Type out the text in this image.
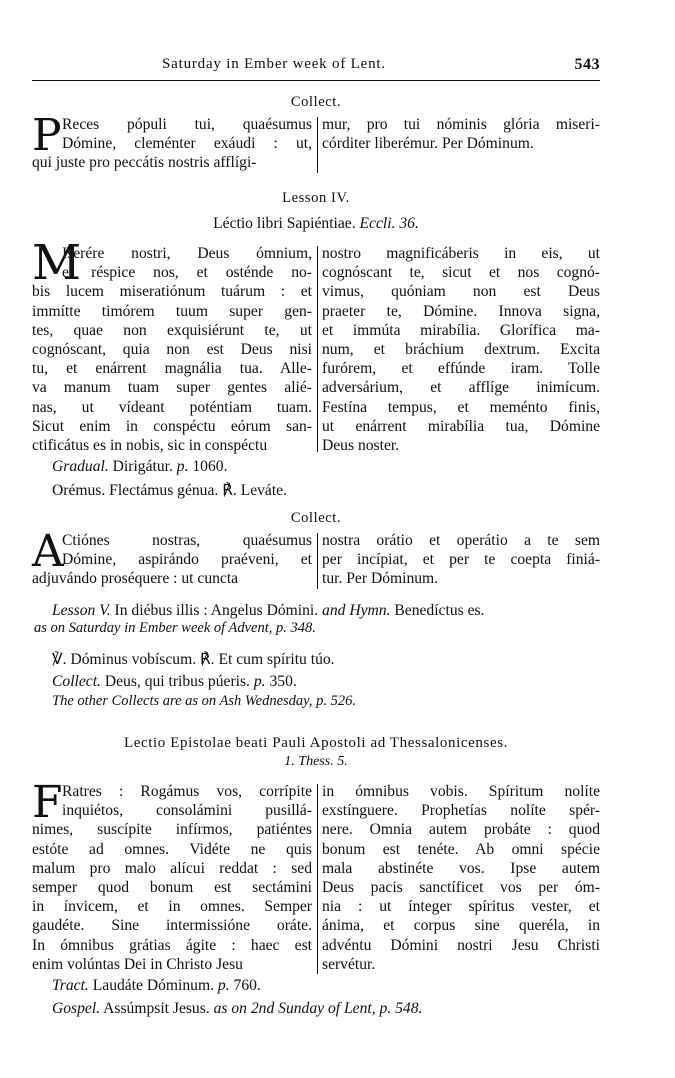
Saturday in Ember week of Lent.	543
Collect.
P Reces pópuli tui, quaésumus
Dómine, cleménter exáudi : ut,
qui juste pro peccátis nostris afflígi-
mur, pro tui nóminis glória miseri-
córditer liberémur. Per Dóminum.
Lesson IV.
Léctio libri Sapiéntiae. Eccli. 36.
M
Iserére nostri, Deus ómnium,
et réspice nos, et osténde no-
bis lucem miseratiónum tuárum : et
immítte timórem tuum super gen-
tes, quae non exquisiérunt te, ut
cognóscant, quia non est Deus nisi
tu, et enárrent magnália tua. Alle-
va manum tuam super gentes alié-
nas, ut vídeant poténtiam tuam.
Sicut enim in conspéctu eórum san-
ctificátus es in nobis, sic in conspéctu
nostro magnificáberis in eis, ut
cognóscant te, sicut et nos cognó-
vimus, quóniam non est Deus
praeter te, Dómine. Innova signa,
et immúta mirabília. Glorífica ma-
num, et bráchium dextrum. Excita
furórem, et effúnde iram. Tolle
adversárium, et afflíge inimícum.
Festína tempus, et meménto finis,
ut enárrent mirabília tua, Dómine
Deus noster.
Gradual. Dirigátur. p. 1060.
Orémus. Flectámus génua. ℟. Leváte.
Collect.
A
Ctiónes nostras, quaésumus
Dómine, aspirándo praéveni, et
adjuvándo proséquere : ut cuncta
nostra orátio et operátio a te sem
per incípiat, et per te coepta finiá-
tur. Per Dóminum.
Lesson V. In diébus illis : Angelus Dómini. and Hymn. Benedíctus es.
as on Saturday in Ember week of Advent, p. 348.
℣. Dóminus vobíscum. ℟. Et cum spíritu túo.
Collect. Deus, qui tribus púeris. p. 350.
The other Collects are as on Ash Wednesday, p. 526.
Lectio Epistolae beati Pauli Apostoli ad Thessalonicenses.
1. Thess. 5.
F Ratres : Rogámus vos, corrípite
inquiétos, consolámini pusillá-
nimes, suscípite infírmos, patiéntes
estóte ad omnes. Vidéte ne quis
malum pro malo alícui reddat : sed
semper quod bonum est sectámini
in ínvicem, et in omnes. Semper
gaudéte. Sine intermissióne oráte.
In ómnibus grátias ágite : haec est
enim volúntas Dei in Christo Jesu
in ómnibus vobis. Spíritum nolíte
exstínguere. Prophetías nolíte spér-
nere. Omnia autem probáte : quod
bonum est tenéte. Ab omni spécie
mala abstinéte vos. Ipse autem
Deus pacis sanctíficet vos per óm-
nia : ut ínteger spíritus vester, et
ánima, et corpus sine queréla, in
advéntu Dómini nostri Jesu Christi
servétur.
Tract. Laudáte Dóminum. p. 760.
Gospel. Assúmpsit Jesus. as on 2nd Sunday of Lent, p. 548.
